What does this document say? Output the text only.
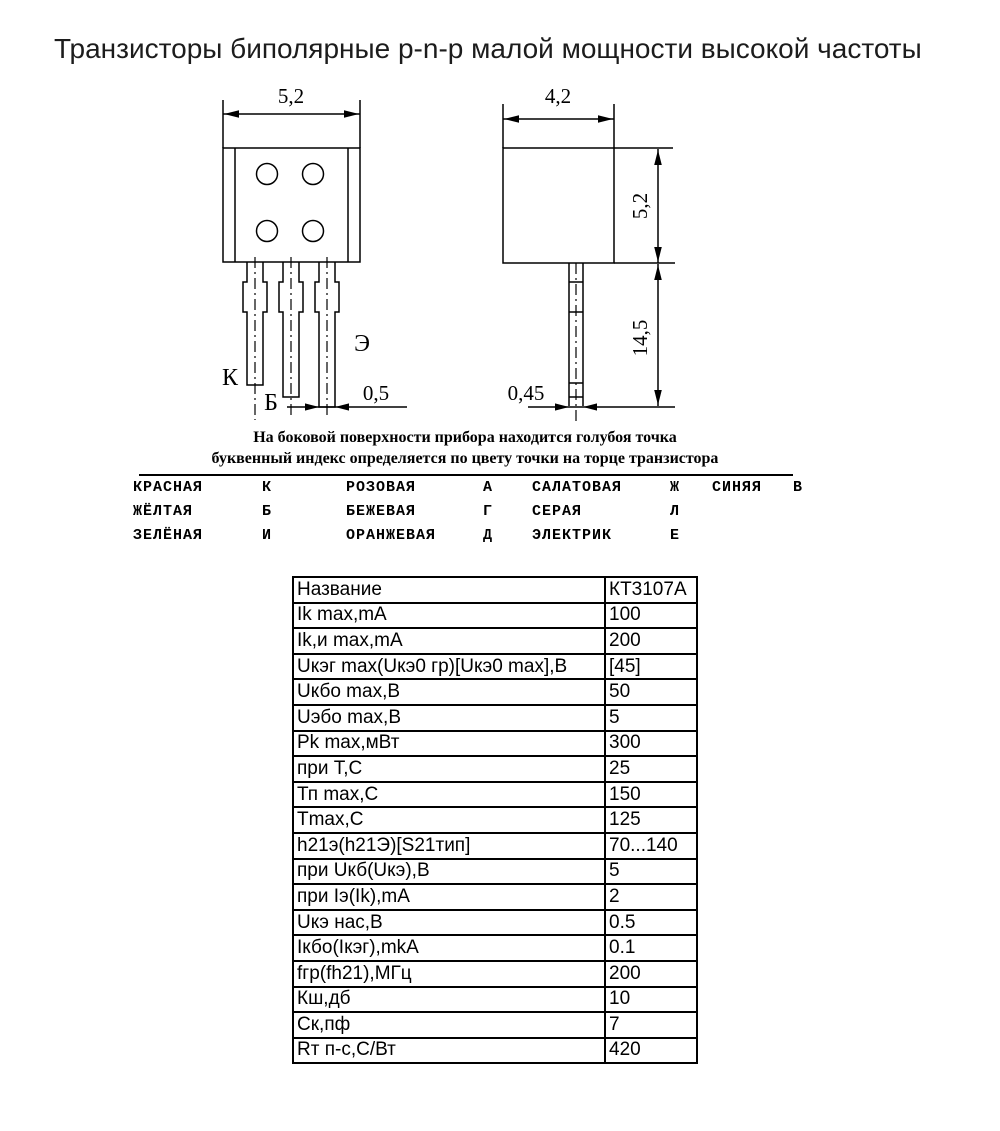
Транзисторы биполярные p-n-p малой мощности высокой частоты
5,2
К
Б
Э
0,5
4,2
5,2
14,5
0,45
На боковой поверхности прибора находится голубоя точка
буквенный индекс определяется по цвету точки на торце транзистора
КРАСНАЯ	К	РОЗОВАЯ	А	САЛАТОВАЯ	Ж СИНЯЯ В
ЖЁЛТАЯ	Б	БЕЖЕВАЯ	Г	СЕРАЯ	Л
ЗЕЛЁНАЯ	И	ОРАНЖЕВАЯ	Д	ЭЛЕКТРИК	Е
Название	КТ3107А
Ik max,mA	100
Ik,и max,mA	200
Uкэг max(Uкэ0 гр)[Uкэ0 max],В	[45]
Uкбо max,В	50
Uэбо max,В	5
Pk max,мВт	300
при Т,С	25
Тп max,С	150
Tmax,С	125
h21э(h21Э)[S21тип]	70...140
при Uкб(Uкэ),В	5
при Iэ(Ik),mA	2
Uкэ нас,В	0.5
Iкбо(Iкэг),mkA	0.1
fгр(fh21),МГц	200
Кш,дб	10
Ск,пф	7
Rт п-с,С/Вт	420
